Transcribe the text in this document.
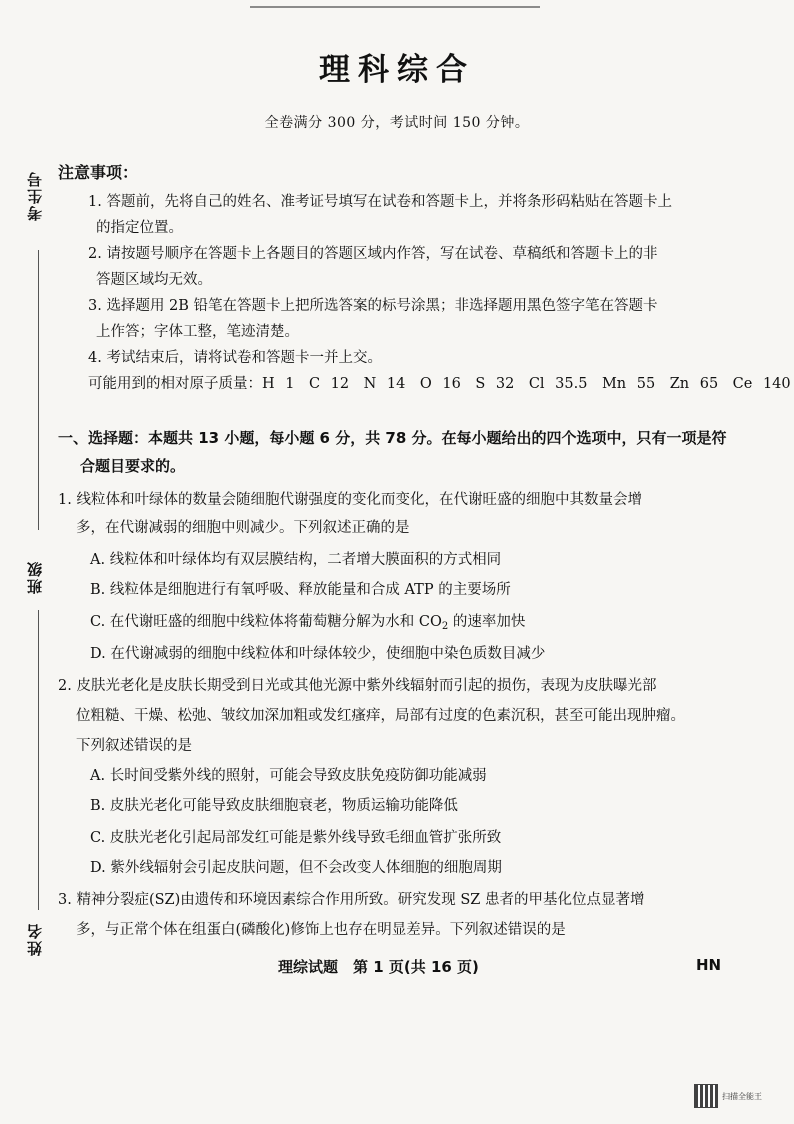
理科综合
全卷满分 300 分，考试时间 150 分钟。
考生号
班级
姓名
注意事项：
1. 答题前，先将自己的姓名、准考证号填写在试卷和答题卡上，并将条形码粘贴在答题卡上
的指定位置。
2. 请按题号顺序在答题卡上各题目的答题区域内作答，写在试卷、草稿纸和答题卡上的非
答题区域均无效。
3. 选择题用 2B 铅笔在答题卡上把所选答案的标号涂黑；非选择题用黑色签字笔在答题卡
上作答；字体工整，笔迹清楚。
4. 考试结束后，请将试卷和答题卡一并上交。
可能用到的相对原子质量：H 1　C 12　N 14　O 16　S 32　Cl 35.5　Mn 55　Zn 65　Ce 140
一、选择题：本题共 13 小题，每小题 6 分，共 78 分。在每小题给出的四个选项中，只有一项是符
合题目要求的。
1. 线粒体和叶绿体的数量会随细胞代谢强度的变化而变化，在代谢旺盛的细胞中其数量会增
多，在代谢减弱的细胞中则减少。下列叙述正确的是
A. 线粒体和叶绿体均有双层膜结构，二者增大膜面积的方式相同
B. 线粒体是细胞进行有氧呼吸、释放能量和合成 ATP 的主要场所
C. 在代谢旺盛的细胞中线粒体将葡萄糖分解为水和 $CO_2$ 的速率加快
D. 在代谢减弱的细胞中线粒体和叶绿体较少，使细胞中染色质数目减少
2. 皮肤光老化是皮肤长期受到日光或其他光源中紫外线辐射而引起的损伤，表现为皮肤曝光部
位粗糙、干燥、松弛、皱纹加深加粗或发红瘙痒，局部有过度的色素沉积，甚至可能出现肿瘤。
下列叙述错误的是
A. 长时间受紫外线的照射，可能会导致皮肤免疫防御功能减弱
B. 皮肤光老化可能导致皮肤细胞衰老，物质运输功能降低
C. 皮肤光老化引起局部发红可能是紫外线导致毛细血管扩张所致
D. 紫外线辐射会引起皮肤问题，但不会改变人体细胞的细胞周期
3. 精神分裂症(SZ)由遗传和环境因素综合作用所致。研究发现 SZ 患者的甲基化位点显著增
多，与正常个体在组蛋白(磷酸化)修饰上也存在明显差异。下列叙述错误的是
理综试题　第 1 页(共 16 页)	HN
扫描全能王
